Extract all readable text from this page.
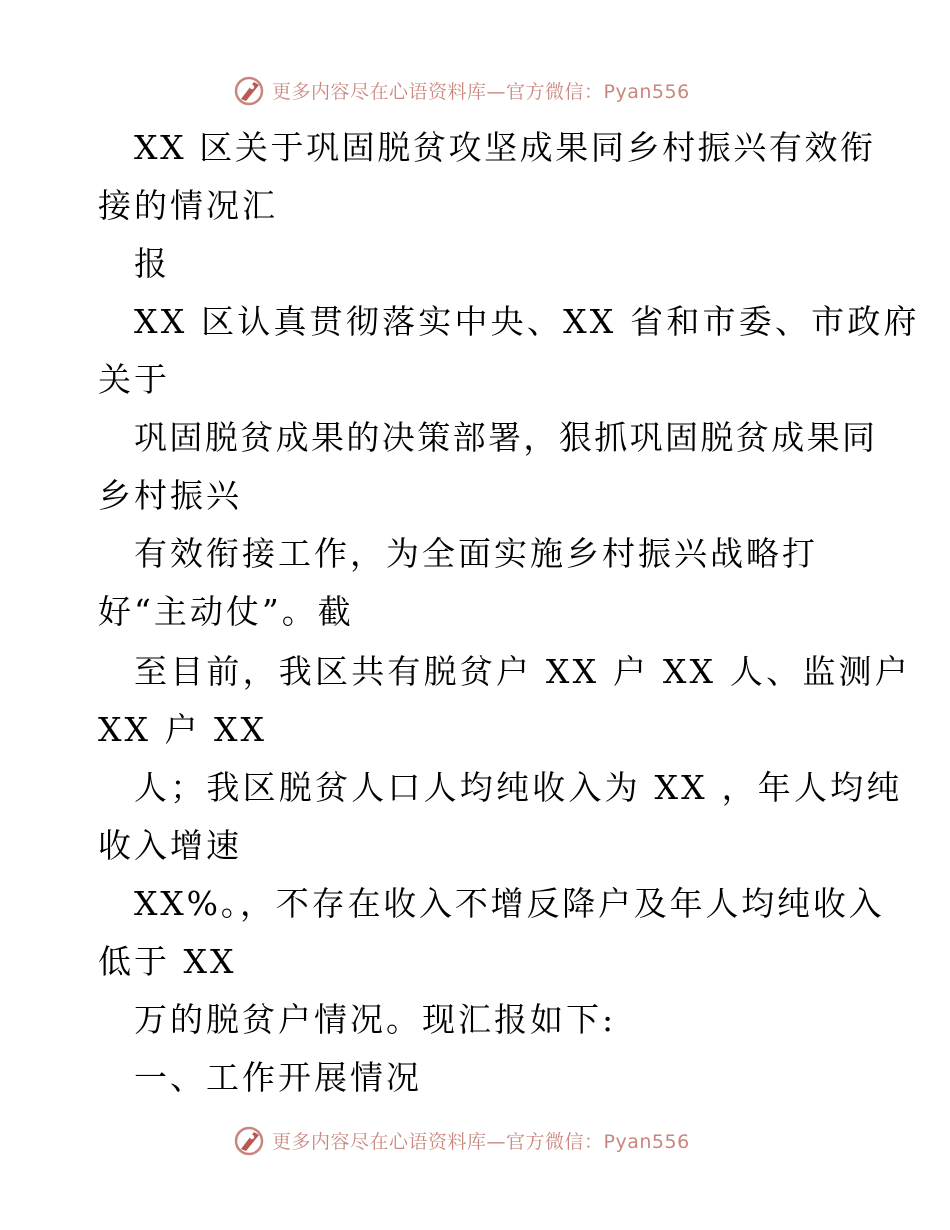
更多内容尽在心语资料库—官方微信：Pyan556
XX 区关于巩固脱贫攻坚成果同乡村振兴有效衔
接的情况汇
报
XX 区认真贯彻落实中央、XX 省和市委、市政府
关于
巩固脱贫成果的决策部署，狠抓巩固脱贫成果同
乡村振兴
有效衔接工作，为全面实施乡村振兴战略打
好“主动仗”。截
至目前，我区共有脱贫户 XX 户 XX 人、监测户
XX 户 XX
人；我区脱贫人口人均纯收入为 XX ，年人均纯
收入增速
XX%。，不存在收入不增反降户及年人均纯收入
低于 XX
万的脱贫户情况。现汇报如下:
一、工作开展情况
更多内容尽在心语资料库—官方微信：Pyan556
